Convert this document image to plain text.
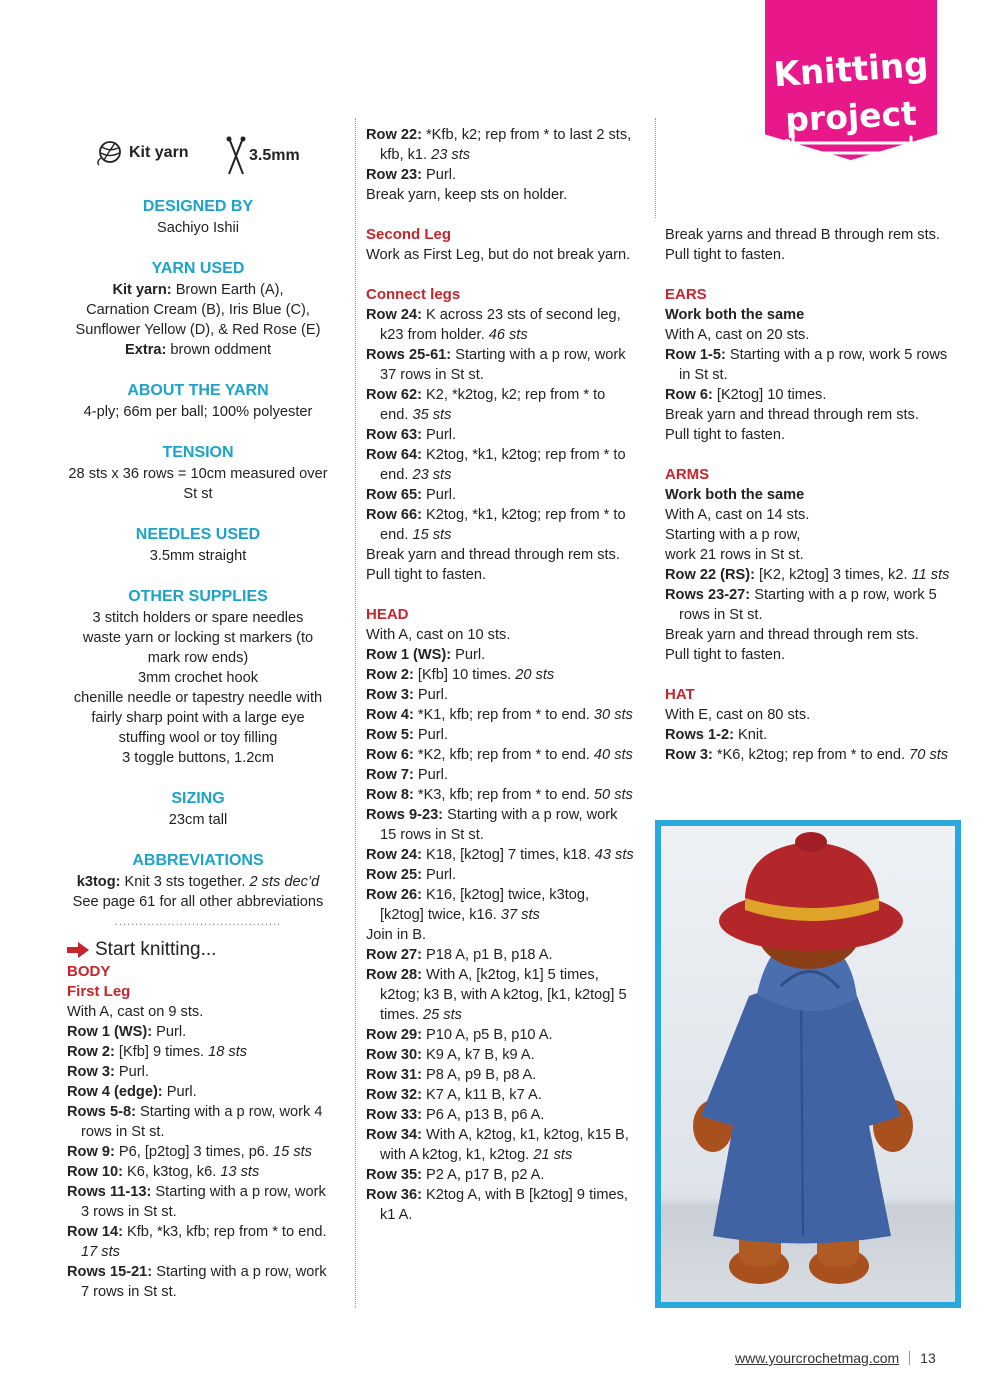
Knitting
project
Kit yarn	3.5mm
DESIGNED BY
Sachiyo Ishii
YARN USED
Kit yarn: Brown Earth (A),
Carnation Cream (B), Iris Blue (C),
Sunflower Yellow (D), & Red Rose (E)
Extra: brown oddment
ABOUT THE YARN
4-ply; 66m per ball; 100% polyester
TENSION
28 sts x 36 rows = 10cm measured over
St st
NEEDLES USED
3.5mm straight
OTHER SUPPLIES
3 stitch holders or spare needles
waste yarn or locking st markers (to
mark row ends)
3mm crochet hook
chenille needle or tapestry needle with
fairly sharp point with a large eye
stuffing wool or toy filling
3 toggle buttons, 1.2cm
SIZING
23cm tall
ABBREVIATIONS
k3tog: Knit 3 sts together. 2 sts dec’d
See page 61 for all other abbreviations
.........................................
Start knitting...
BODY
First Leg

With A, cast on 9 sts.

Row 1 (WS): Purl.

Row 2: [Kfb] 9 times. 18 sts

Row 3: Purl.

Row 4 (edge): Purl.

Rows 5-8: Starting with a p row, work 4 rows in St st.

Row 9: P6, [p2tog] 3 times, p6. 15 sts

Row 10: K6, k3tog, k6. 13 sts

Rows 11-13: Starting with a p row, work 3 rows in St st.

Row 14: Kfb, *k3, kfb; rep from * to end. 17 sts

Rows 15-21: Starting with a p row, work 7 rows in St st.

Row 22: *Kfb, k2; rep from * to last 2 sts, kfb, k1. 23 sts

Row 23: Purl.

Break yarn, keep sts on holder.

Second Leg

Work as First Leg, but do not break yarn.

Connect legs

Row 24: K across 23 sts of second leg, k23 from holder. 46 sts

Rows 25-61: Starting with a p row, work 37 rows in St st.

Row 62: K2, *k2tog, k2; rep from * to end. 35 sts

Row 63: Purl.

Row 64: K2tog, *k1, k2tog; rep from * to end. 23 sts

Row 65: Purl.

Row 66: K2tog, *k1, k2tog; rep from * to end. 15 sts

Break yarn and thread through rem sts.

Pull tight to fasten.

HEAD

With A, cast on 10 sts.

Row 1 (WS): Purl.

Row 2: [Kfb] 10 times. 20 sts

Row 3: Purl.

Row 4: *K1, kfb; rep from * to end. 30 sts

Row 5: Purl.

Row 6: *K2, kfb; rep from * to end. 40 sts

Row 7: Purl.

Row 8: *K3, kfb; rep from * to end. 50 sts

Rows 9-23: Starting with a p row, work 15 rows in St st.

Row 24: K18, [k2tog] 7 times, k18. 43 sts

Row 25: Purl.

Row 26: K16, [k2tog] twice, k3tog, [k2tog] twice, k16. 37 sts

Join in B.

Row 27: P18 A, p1 B, p18 A.

Row 28: With A, [k2tog, k1] 5 times, k2tog; k3 B, with A k2tog, [k1, k2tog] 5 times. 25 sts

Row 29: P10 A, p5 B, p10 A.

Row 30: K9 A, k7 B, k9 A.

Row 31: P8 A, p9 B, p8 A.

Row 32: K7 A, k11 B, k7 A.

Row 33: P6 A, p13 B, p6 A.

Row 34: With A, k2tog, k1, k2tog, k15 B, with A k2tog, k1, k2tog. 21 sts

Row 35: P2 A, p17 B, p2 A.

Row 36: K2tog A, with B [k2tog] 9 times, k1 A.

Break yarns and thread B through rem sts.

Pull tight to fasten.

EARS
Work both the same

With A, cast on 20 sts.

Row 1-5: Starting with a p row, work 5 rows in St st.

Row 6: [K2tog] 10 times.

Break yarn and thread through rem sts.

Pull tight to fasten.

ARMS
Work both the same

With A, cast on 14 sts.

Starting with a p row,

work 21 rows in St st.

Row 22 (RS): [K2, k2tog] 3 times, k2. 11 sts

Rows 23-27: Starting with a p row, work 5 rows in St st.

Break yarn and thread through rem sts.

Pull tight to fasten.

HAT

With E, cast on 80 sts.

Rows 1-2: Knit.

Row 3: *K6, k2tog; rep from * to end. 70 sts

www.yourcrochetmag.com 13
